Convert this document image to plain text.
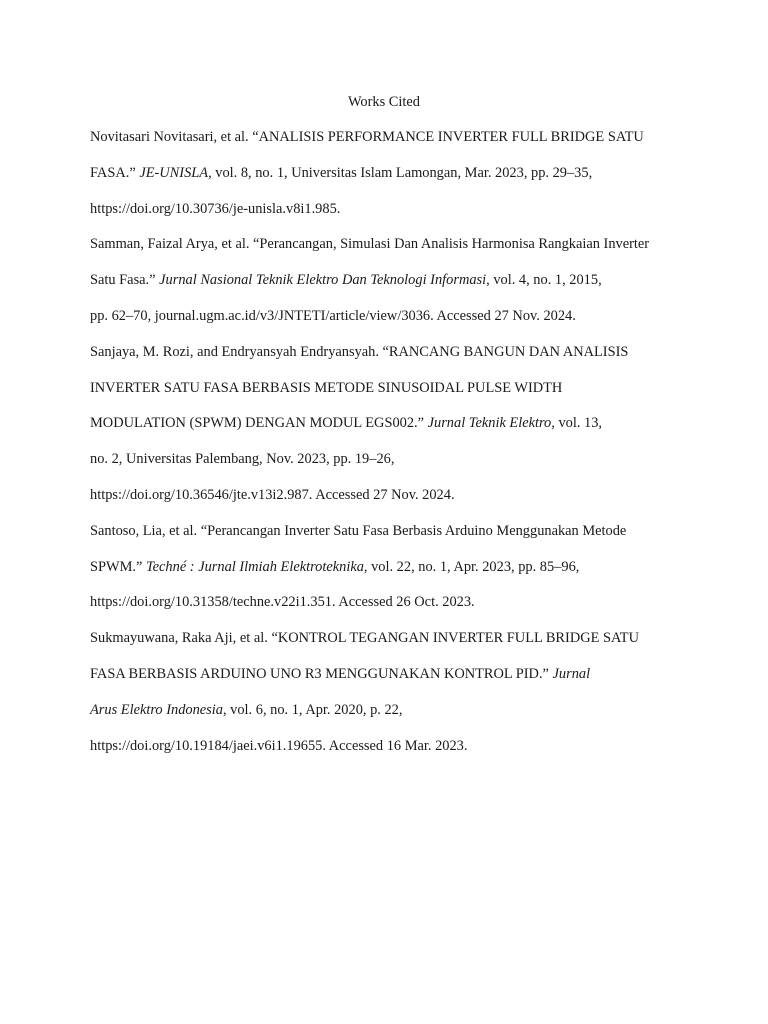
Works Cited

Novitasari Novitasari, et al. “ANALISIS PERFORMANCE INVERTER FULL BRIDGE SATU
FASA.” JE-UNISLA, vol. 8, no. 1, Universitas Islam Lamongan, Mar. 2023, pp. 29–35,
https://doi.org/10.30736/je-unisla.v8i1.985.

Samman, Faizal Arya, et al. “Perancangan, Simulasi Dan Analisis Harmonisa Rangkaian Inverter
Satu Fasa.” Jurnal Nasional Teknik Elektro Dan Teknologi Informasi, vol. 4, no. 1, 2015,
pp. 62–70, journal.ugm.ac.id/v3/JNTETI/article/view/3036. Accessed 27 Nov. 2024.

Sanjaya, M. Rozi, and Endryansyah Endryansyah. “RANCANG BANGUN DAN ANALISIS
INVERTER SATU FASA BERBASIS METODE SINUSOIDAL PULSE WIDTH
MODULATION (SPWM) DENGAN MODUL EGS002.” Jurnal Teknik Elektro, vol. 13,
no. 2, Universitas Palembang, Nov. 2023, pp. 19–26,
https://doi.org/10.36546/jte.v13i2.987. Accessed 27 Nov. 2024.

Santoso, Lia, et al. “Perancangan Inverter Satu Fasa Berbasis Arduino Menggunakan Metode
SPWM.” Techné : Jurnal Ilmiah Elektroteknika, vol. 22, no. 1, Apr. 2023, pp. 85–96,
https://doi.org/10.31358/techne.v22i1.351. Accessed 26 Oct. 2023.

Sukmayuwana, Raka Aji, et al. “KONTROL TEGANGAN INVERTER FULL BRIDGE SATU
FASA BERBASIS ARDUINO UNO R3 MENGGUNAKAN KONTROL PID.” Jurnal
Arus Elektro Indonesia, vol. 6, no. 1, Apr. 2020, p. 22,
https://doi.org/10.19184/jaei.v6i1.19655. Accessed 16 Mar. 2023.
